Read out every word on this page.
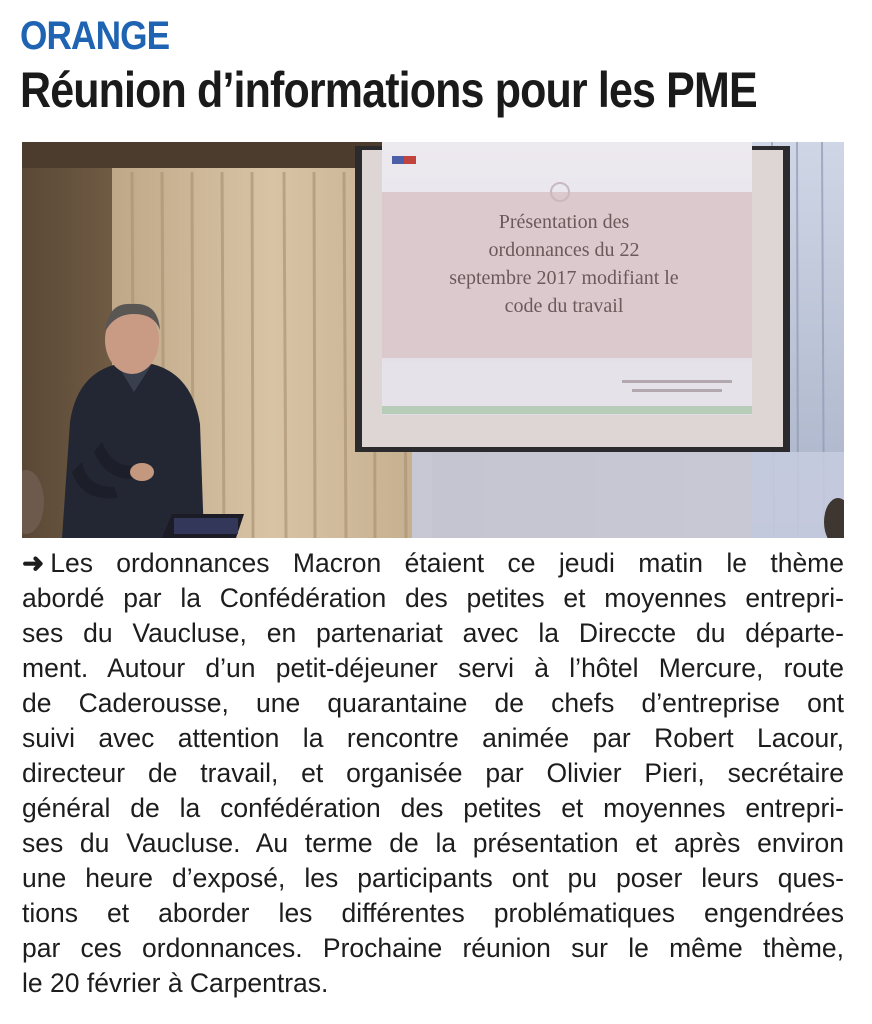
ORANGE
Réunion d’informations pour les PME
Présentation des
ordonnances du 22
septembre 2017 modifiant le
code du travail
➜ Les ordonnances Macron étaient ce jeudi matin le thème
abordé par la Confédération des petites et moyennes entrepri-
ses du Vaucluse, en partenariat avec la Direccte du départe-
ment. Autour d’un petit-déjeuner servi à l’hôtel Mercure, route
de Caderousse, une quarantaine de chefs d’entreprise ont
suivi avec attention la rencontre animée par Robert Lacour,
directeur de travail, et organisée par Olivier Pieri, secrétaire
général de la confédération des petites et moyennes entrepri-
ses du Vaucluse. Au terme de la présentation et après environ
une heure d’exposé, les participants ont pu poser leurs ques-
tions et aborder les différentes problématiques engendrées
par ces ordonnances. Prochaine réunion sur le même thème,
le 20 février à Carpentras.
